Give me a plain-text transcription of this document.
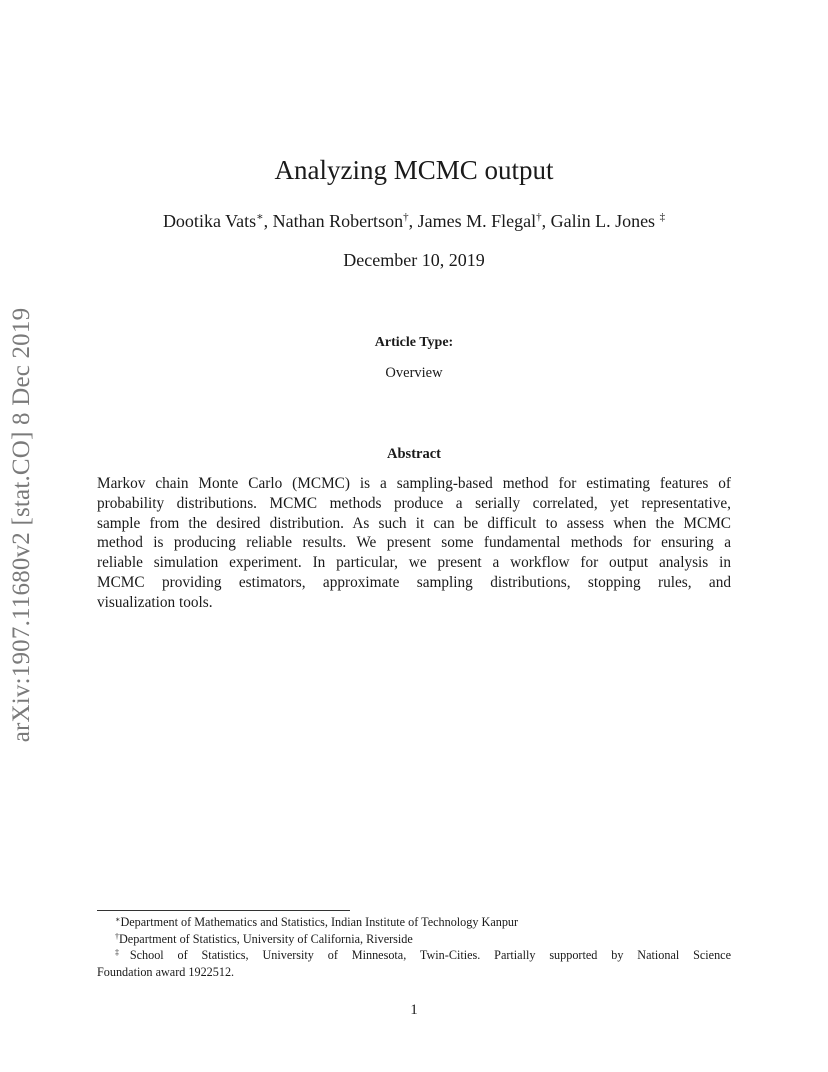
arXiv:1907.11680v2 [stat.CO] 8 Dec 2019
Analyzing MCMC output
Dootika Vats∗, Nathan Robertson†, James M. Flegal†, Galin L. Jones ‡
December 10, 2019
Article Type:
Overview
Abstract
Markov chain Monte Carlo (MCMC) is a sampling-based method for estimating features of
probability distributions. MCMC methods produce a serially correlated, yet representative,
sample from the desired distribution. As such it can be difficult to assess when the MCMC
method is producing reliable results. We present some fundamental methods for ensuring a
reliable simulation experiment. In particular, we present a workflow for output analysis in
MCMC providing estimators, approximate sampling distributions, stopping rules, and
visualization tools.
∗Department of Mathematics and Statistics, Indian Institute of Technology Kanpur
†Department of Statistics, University of California, Riverside
‡School of Statistics, University of Minnesota, Twin-Cities. Partially supported by National Science
Foundation award 1922512.
1
